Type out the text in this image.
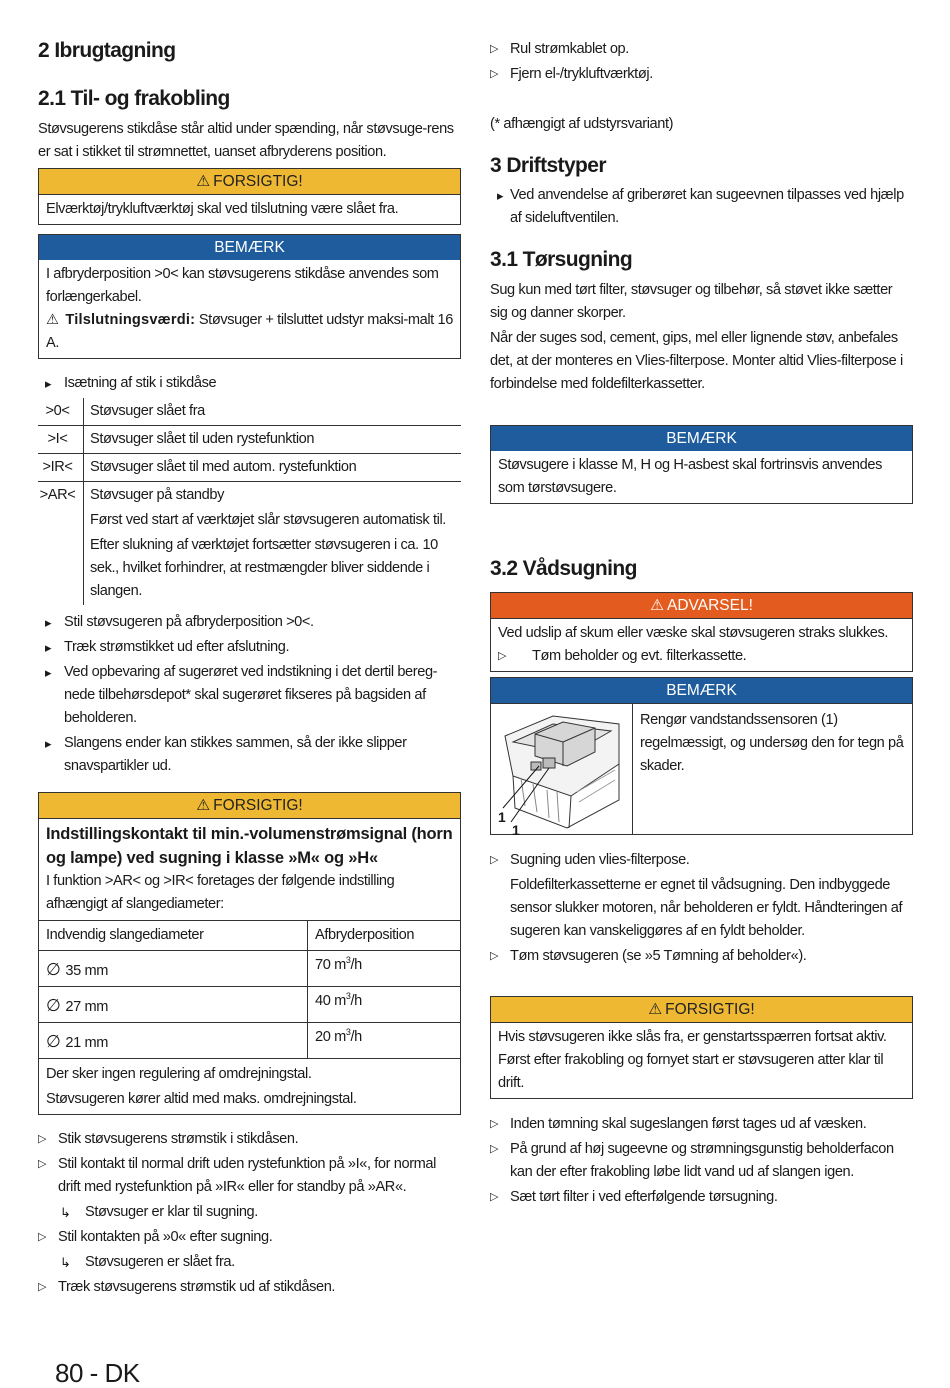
2 Ibrugtagning
2.1 Til- og frakobling

Støvsugerens stikdåse står altid under spænding, når støvsuge-rens er sat i stikket til strømnettet, uanset afbryderens position.

⚠ FORSIGTIG!
Elværktøj/trykluftværktøj skal ved tilslutning være slået fra.
BEMÆRK
I afbryderposition >0< kan støvsugerens stikdåse anvendes som forlængerkabel.
⚠ Tilslutningsværdi: Støvsuger + tilsluttet udstyr maksi-malt 16 A.
▸ Isætning af stik i stikdåse
>0<	Støvsuger slået fra
>I<	Støvsuger slået til uden rystefunktion
>IR<	Støvsuger slået til med autom. rystefunktion
>AR<	Støvsuger på standby
Først ved start af værktøjet slår støvsugeren automatisk til.
Efter slukning af værktøjet fortsætter støvsugeren i ca. 10 sek., hvilket forhindrer, at restmængder bliver siddende i slangen.
▸ Stil støvsugeren på afbryderposition >0<.
▸ Træk strømstikket ud efter afslutning.
▸ Ved opbevaring af sugerøret ved indstikning i det dertil bereg-nede tilbehørsdepot* skal sugerøret fikseres på bagsiden af beholderen.
▸ Slangens ender kan stikkes sammen, så der ikke slipper snavspartikler ud.
⚠ FORSIGTIG!
Indstillingskontakt til min.-volumenstrømsignal (horn og lampe) ved sugning i klasse »M« og »H«
I funktion >AR< og >IR< foretages der følgende indstilling afhængigt af slangediameter:
Indvendig slangediameter	Afbryderposition
∅ 35 mm	70 $m^3/h$
∅ 27 mm	40 $m^3/h$
∅ 21 mm	20 $m^3/h$
Der sker ingen regulering af omdrejningstal.
Støvsugeren kører altid med maks. omdrejningstal.
▷ Stik støvsugerens strømstik i stikdåsen.
▷ Stil kontakt til normal drift uden rystefunktion på »I«, for normal drift med rystefunktion på »IR« eller for standby på »AR«.
↳ Støvsuger er klar til sugning.
▷ Stil kontakten på »0« efter sugning.
↳ Støvsugeren er slået fra.
▷ Træk støvsugerens strømstik ud af stikdåsen.
▷ Rul strømkablet op.
▷ Fjern el-/trykluftværktøj.

(* afhængigt af udstyrsvariant)

3 Driftstyper
▸ Ved anvendelse af griberøret kan sugeevnen tilpasses ved hjælp af sideluftventilen.
3.1 Tørsugning

Sug kun med tørt filter, støvsuger og tilbehør, så støvet ikke sætter sig og danner skorper.

Når der suges sod, cement, gips, mel eller lignende støv, anbefales det, at der monteres en Vlies-filterpose. Monter altid Vlies-filterpose i forbindelse med foldefilterkassetter.

BEMÆRK
Støvsugere i klasse M, H og H-asbest skal fortrinsvis anvendes som tørstøvsugere.
3.2 Vådsugning
⚠ ADVARSEL!
Ved udslip af skum eller væske skal støvsugeren straks slukkes.
▷ Tøm beholder og evt. filterkassette.
BEMÆRK
1
1
Rengør vandstandssensoren (1) regelmæssigt, og undersøg den for tegn på skader.
▷ Sugning uden vlies-filterpose.
Foldefilterkassetterne er egnet til vådsugning. Den indbyggede sensor slukker motoren, når beholderen er fyldt. Håndteringen af sugeren kan vanskeliggøres af en fyldt beholder.
▷ Tøm støvsugeren (se »5 Tømning af beholder«).
⚠ FORSIGTIG!
Hvis støvsugeren ikke slås fra, er genstartsspærren fortsat aktiv. Først efter frakobling og fornyet start er støvsugeren atter klar til drift.
▷ Inden tømning skal sugeslangen først tages ud af væsken.
▷ På grund af høj sugeevne og strømningsgunstig beholderfacon kan der efter frakobling løbe lidt vand ud af slangen igen.
▷ Sæt tørt filter i ved efterfølgende tørsugning.
80 - DK
